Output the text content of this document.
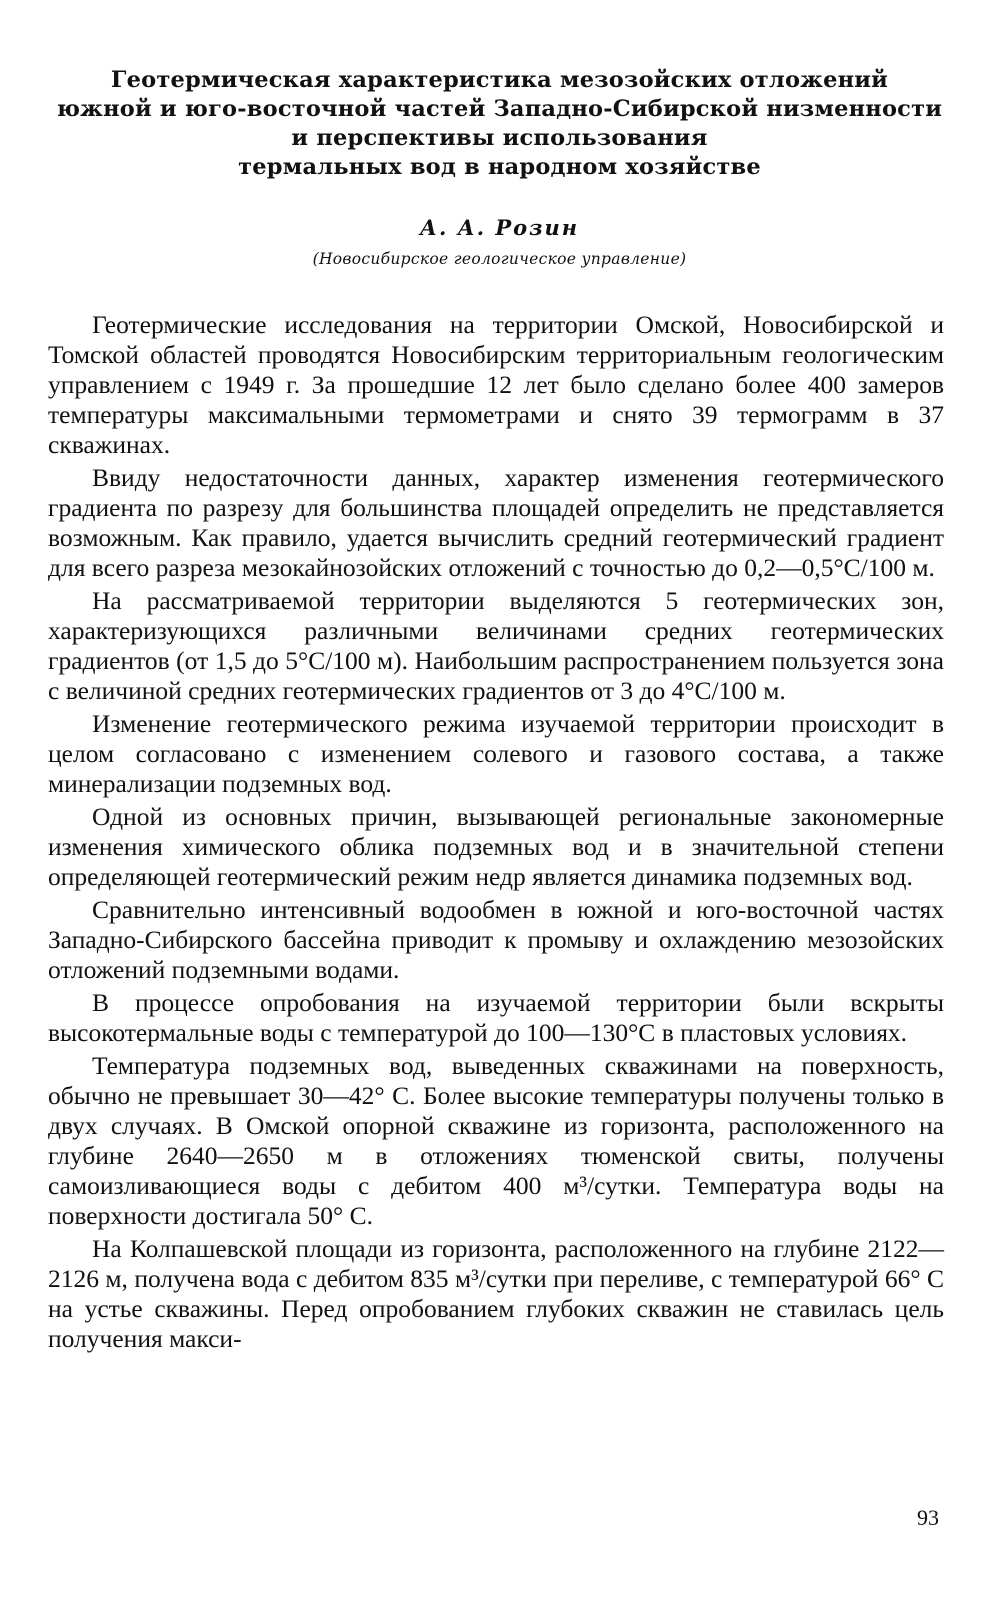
Геотермическая характеристика мезозойских отложений
южной и юго-восточной частей Западно-Сибирской низменности
и перспективы использования
термальных вод в народном хозяйстве
А. А. Розин
(Новосибирское геологическое управление)

Геотермические исследования на территории Омской, Новосибирской и Томской областей проводятся Новосибирским территориальным геологическим управлением с 1949 г. За прошедшие 12 лет было сделано более 400 замеров температуры максимальными термометрами и снято 39 термограмм в 37 скважинах.

Ввиду недостаточности данных, характер изменения геотермического градиента по разрезу для большинства площадей определить не представляется возможным. Как правило, удается вычислить средний геотермический градиент для всего разреза мезокайнозойских отложений с точностью до 0,2—0,5°С/100 м.

На рассматриваемой территории выделяются 5 геотермических зон, характеризующихся различными величинами средних геотермических градиентов (от 1,5 до 5°С/100 м). Наибольшим распространением пользуется зона с величиной средних геотермических градиентов от 3 до 4°С/100 м.

Изменение геотермического режима изучаемой территории происходит в целом согласовано с изменением солевого и газового состава, а также минерализации подземных вод.

Одной из основных причин, вызывающей региональные закономерные изменения химического облика подземных вод и в значительной степени определяющей геотермический режим недр является динамика подземных вод.

Сравнительно интенсивный водообмен в южной и юго-восточной частях Западно-Сибирского бассейна приводит к промыву и охлаждению мезозойских отложений подземными водами.

В процессе опробования на изучаемой территории были вскрыты высокотермальные воды с температурой до 100—130°С в пластовых условиях.

Температура подземных вод, выведенных скважинами на поверхность, обычно не превышает 30—42° С. Более высокие температуры получены только в двух случаях. В Омской опорной скважине из горизонта, расположенного на глубине 2640—2650 м в отложениях тюменской свиты, получены самоизливающиеся воды с дебитом 400 м³/сутки. Температура воды на поверхности достигала 50° С.

На Колпашевской площади из горизонта, расположенного на глубине 2122—2126 м, получена вода с дебитом 835 м³/сутки при переливе, с температурой 66° С на устье скважины. Перед опробованием глубоких скважин не ставилась цель получения макси-

93
